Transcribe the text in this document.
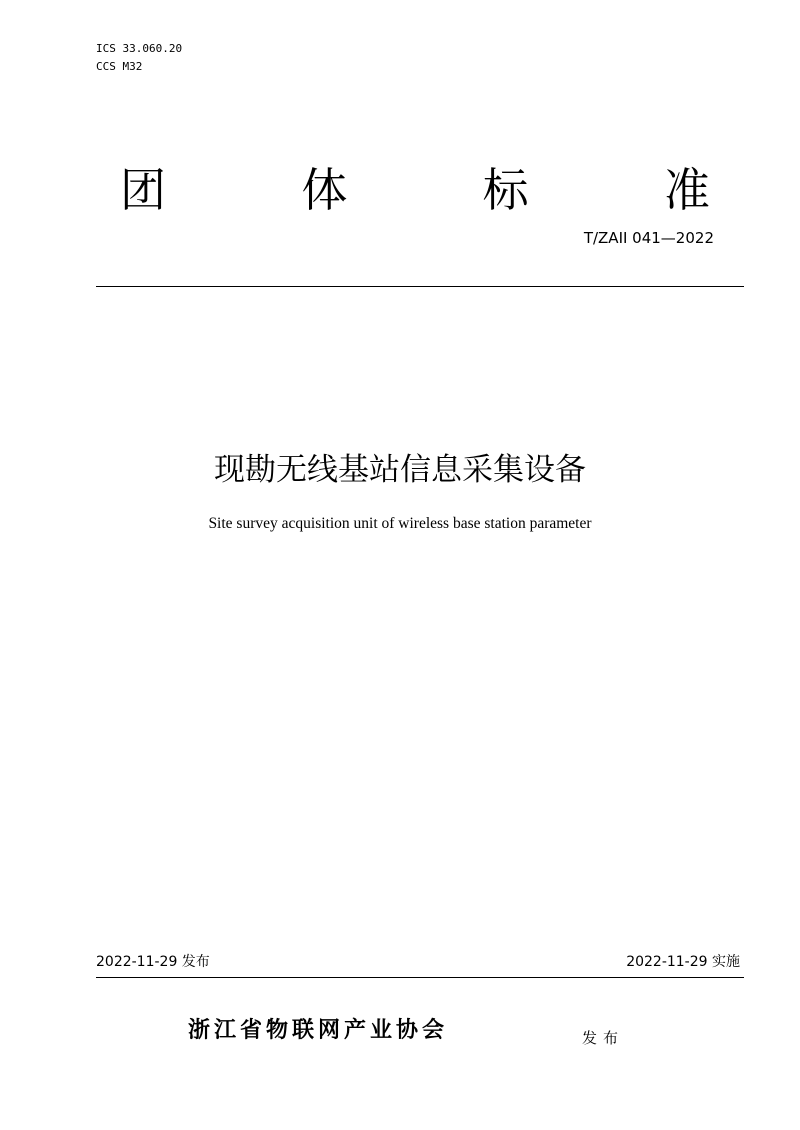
ICS 33.060.20
CCS M32
团	体	标	准
T/ZAII 041—2022
现勘无线基站信息采集设备
Site survey acquisition unit of wireless base station parameter
2022-11-29 发布	2022-11-29 实施
浙江省物联网产业协会	发布
